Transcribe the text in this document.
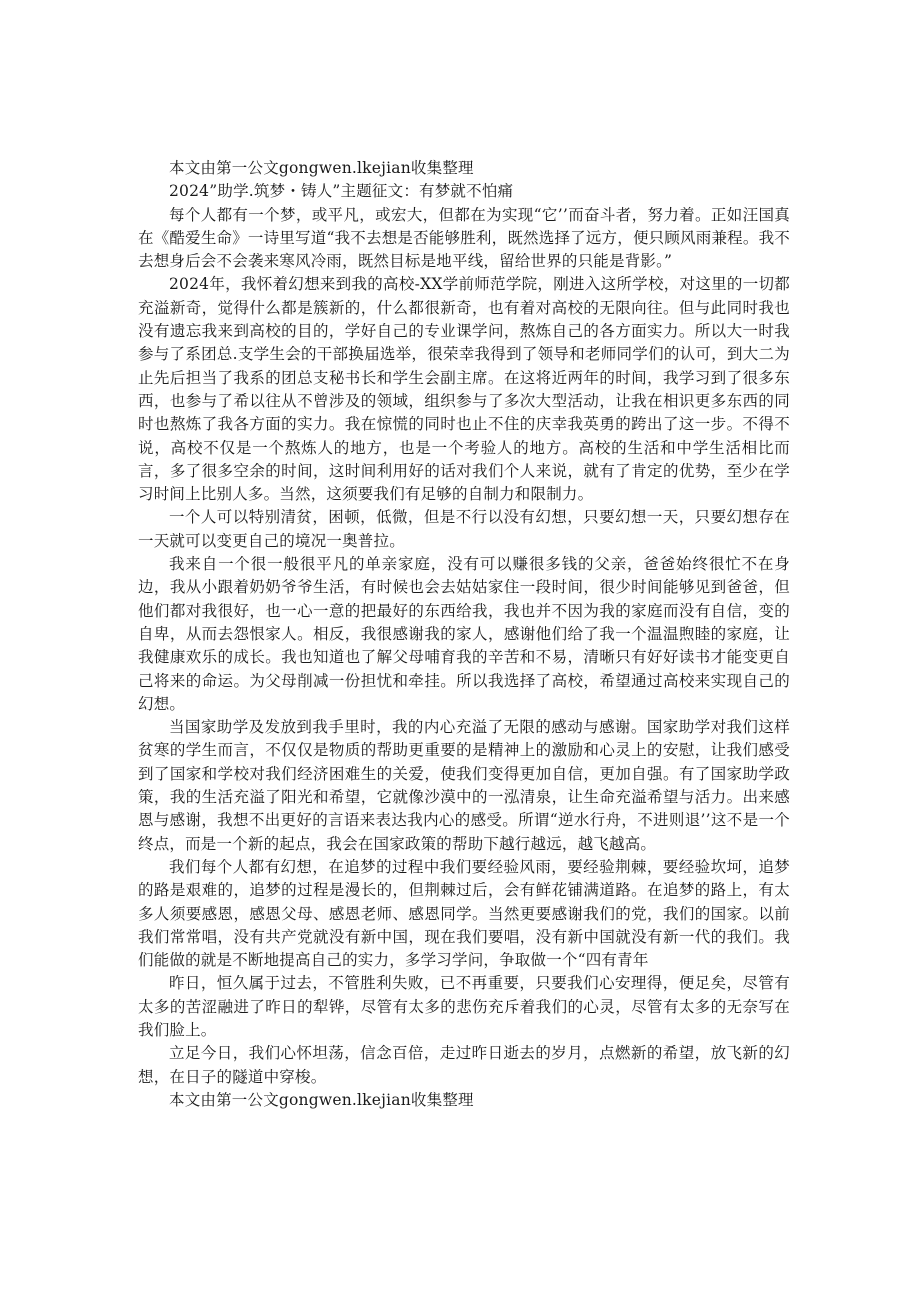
本文由第一公文gongwen.lkejian收集整理

2024”助学.筑梦・铸人”主题征文：有梦就不怕痛

每个人都有一个梦，或平凡，或宏大，但都在为实现“它’’而奋斗者，努力着。正如汪国真在《酷爱生命》一诗里写道“我不去想是否能够胜利，既然选择了远方，便只顾风雨兼程。我不去想身后会不会袭来寒风冷雨，既然目标是地平线，留给世界的只能是背影。”

2024年，我怀着幻想来到我的高校-XX学前师范学院，刚进入这所学校，对这里的一切都充溢新奇，觉得什么都是簇新的，什么都很新奇，也有着对高校的无限向往。但与此同时我也没有遗忘我来到高校的目的，学好自己的专业课学问，熬炼自己的各方面实力。所以大一时我参与了系团总.支学生会的干部换届选举，很荣幸我得到了领导和老师同学们的认可，到大二为止先后担当了我系的团总支秘书长和学生会副主席。在这将近两年的时间，我学习到了很多东西，也参与了希以往从不曾涉及的领域，组织参与了多次大型活动，让我在相识更多东西的同时也熬炼了我各方面的实力。我在惊慌的同时也止不住的庆幸我英勇的跨出了这一步。不得不说，高校不仅是一个熬炼人的地方，也是一个考验人的地方。高校的生活和中学生活相比而言，多了很多空余的时间，这时间利用好的话对我们个人来说，就有了肯定的优势，至少在学习时间上比别人多。当然，这须要我们有足够的自制力和限制力。

一个人可以特别清贫，困顿，低微，但是不行以没有幻想，只要幻想一天，只要幻想存在一天就可以变更自己的境况一奥普拉。

我来自一个很一般很平凡的单亲家庭，没有可以赚很多钱的父亲，爸爸始终很忙不在身边，我从小跟着奶奶爷爷生活，有时候也会去姑姑家住一段时间，很少时间能够见到爸爸，但他们都对我很好，也一心一意的把最好的东西给我，我也并不因为我的家庭而没有自信，变的自卑，从而去怨恨家人。相反，我很感谢我的家人，感谢他们给了我一个温温煦睦的家庭，让我健康欢乐的成长。我也知道也了解父母哺育我的辛苦和不易，清晰只有好好读书才能变更自己将来的命运。为父母削减一份担忧和牵挂。所以我选择了高校，希望通过高校来实现自己的幻想。

当国家助学及发放到我手里时，我的内心充溢了无限的感动与感谢。国家助学对我们这样贫寒的学生而言，不仅仅是物质的帮助更重要的是精神上的激励和心灵上的安慰，让我们感受到了国家和学校对我们经济困难生的关爱，使我们变得更加自信，更加自强。有了国家助学政策，我的生活充溢了阳光和希望，它就像沙漠中的一泓清泉，让生命充溢希望与活力。出来感恩与感谢，我想不出更好的言语来表达我内心的感受。所谓“逆水行舟，不进则退’’这不是一个终点，而是一个新的起点，我会在国家政策的帮助下越行越远，越飞越高。

我们每个人都有幻想，在追梦的过程中我们要经验风雨，要经验荆棘，要经验坎坷，追梦的路是艰难的，追梦的过程是漫长的，但荆棘过后，会有鲜花铺满道路。在追梦的路上，有太多人须要感恩，感恩父母、感恩老师、感恩同学。当然更要感谢我们的党，我们的国家。以前我们常常唱，没有共产党就没有新中国，现在我们要唱，没有新中国就没有新一代的我们。我们能做的就是不断地提高自己的实力，多学习学问，争取做一个“四有青年

昨日，恒久属于过去，不管胜利失败，已不再重要，只要我们心安理得，便足矣，尽管有太多的苦涩融进了昨日的犁铧，尽管有太多的悲伤充斥着我们的心灵，尽管有太多的无奈写在我们脸上。

立足今日，我们心怀坦荡，信念百倍，走过昨日逝去的岁月，点燃新的希望，放飞新的幻想，在日子的隧道中穿梭。

本文由第一公文gongwen.lkejian收集整理
